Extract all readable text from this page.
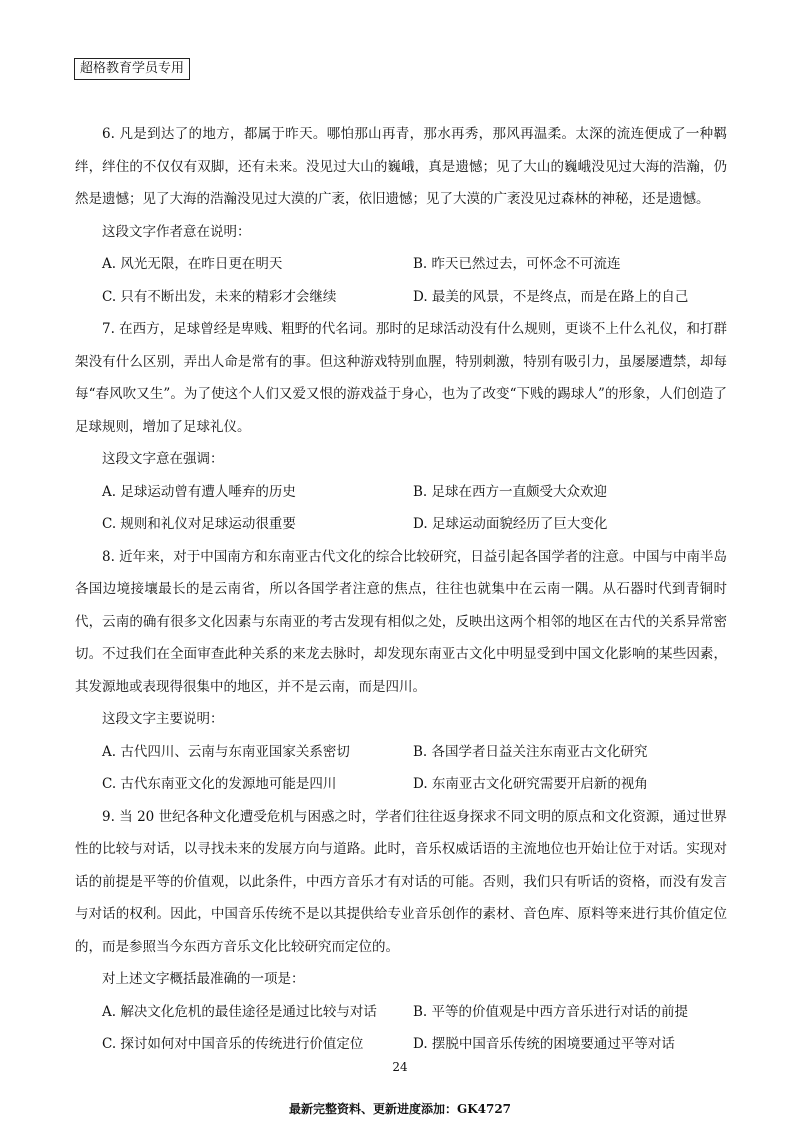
超格教育学员专用

6. 凡是到达了的地方，都属于昨天。哪怕那山再青，那水再秀，那风再温柔。太深的流连便成了一种羁绊，绊住的不仅仅有双脚，还有未来。没见过大山的巍峨，真是遗憾；见了大山的巍峨没见过大海的浩瀚，仍然是遗憾；见了大海的浩瀚没见过大漠的广袤，依旧遗憾；见了大漠的广袤没见过森林的神秘，还是遗憾。

这段文字作者意在说明：

A. 风光无限，在昨日更在明天	B. 昨天已然过去，可怀念不可流连
C. 只有不断出发，未来的精彩才会继续	D. 最美的风景，不是终点，而是在路上的自己

7. 在西方，足球曾经是卑贱、粗野的代名词。那时的足球活动没有什么规则，更谈不上什么礼仪，和打群架没有什么区别，弄出人命是常有的事。但这种游戏特别血腥，特别刺激，特别有吸引力，虽屡屡遭禁，却每每“春风吹又生”。为了使这个人们又爱又恨的游戏益于身心，也为了改变“下贱的踢球人”的形象，人们创造了足球规则，增加了足球礼仪。

这段文字意在强调：

A. 足球运动曾有遭人唾弃的历史	B. 足球在西方一直颇受大众欢迎
C. 规则和礼仪对足球运动很重要	D. 足球运动面貌经历了巨大变化

8. 近年来，对于中国南方和东南亚古代文化的综合比较研究，日益引起各国学者的注意。中国与中南半岛各国边境接壤最长的是云南省，所以各国学者注意的焦点，往往也就集中在云南一隅。从石器时代到青铜时代，云南的确有很多文化因素与东南亚的考古发现有相似之处，反映出这两个相邻的地区在古代的关系异常密切。不过我们在全面审查此种关系的来龙去脉时，却发现东南亚古文化中明显受到中国文化影响的某些因素，其发源地或表现得很集中的地区，并不是云南，而是四川。

这段文字主要说明：

A. 古代四川、云南与东南亚国家关系密切	B. 各国学者日益关注东南亚古文化研究
C. 古代东南亚文化的发源地可能是四川	D. 东南亚古文化研究需要开启新的视角

9. 当 20 世纪各种文化遭受危机与困惑之时，学者们往往返身探求不同文明的原点和文化资源，通过世界性的比较与对话，以寻找未来的发展方向与道路。此时，音乐权威话语的主流地位也开始让位于对话。实现对话的前提是平等的价值观，以此条件，中西方音乐才有对话的可能。否则，我们只有听话的资格，而没有发言与对话的权利。因此，中国音乐传统不是以其提供给专业音乐创作的素材、音色库、原料等来进行其价值定位的，而是参照当今东西方音乐文化比较研究而定位的。

对上述文字概括最准确的一项是：

A. 解决文化危机的最佳途径是通过比较与对话	B. 平等的价值观是中西方音乐进行对话的前提
C. 探讨如何对中国音乐的传统进行价值定位	D. 摆脱中国音乐传统的困境要通过平等对话
24
最新完整资料、更新进度添加：GK4727
